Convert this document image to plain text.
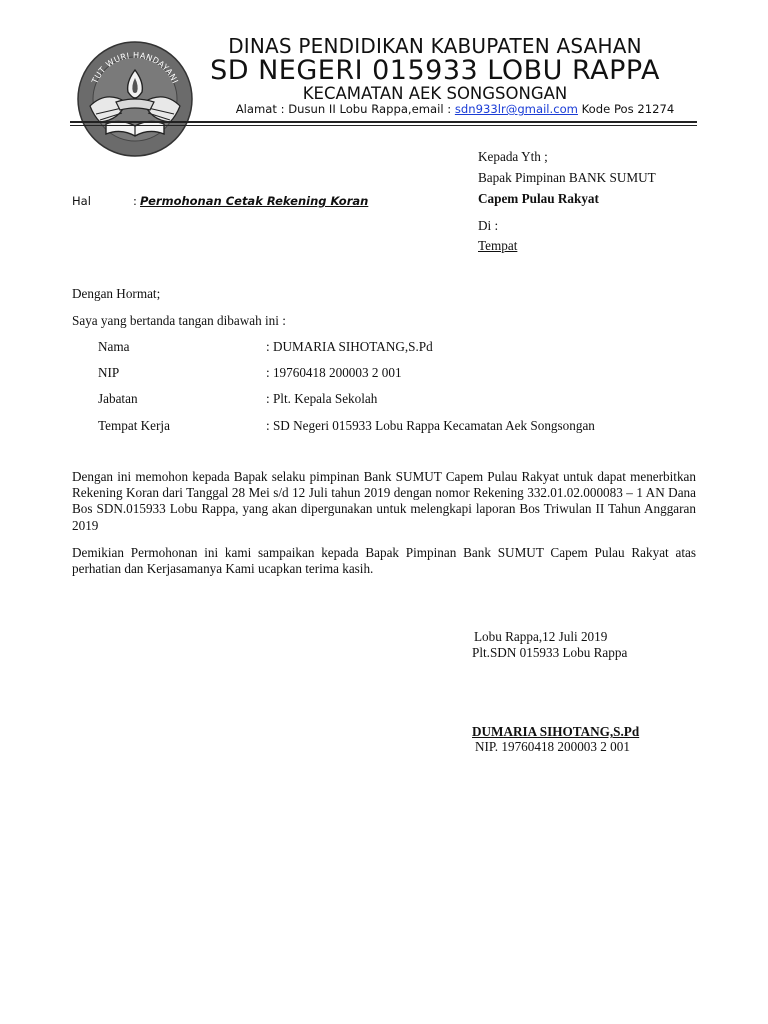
TUT WURI HANDAYANI
DINAS PENDIDIKAN KABUPATEN ASAHAN
SD NEGERI 015933 LOBU RAPPA
KECAMATAN AEK SONGSONGAN
Alamat : Dusun II Lobu Rappa,email : sdn933lr@gmail.com Kode Pos 21274
Kepada Yth ;
Bapak Pimpinan BANK SUMUT
Capem Pulau Rakyat
Di :
Tempat
Hal	: Permohonan Cetak Rekening Koran
Dengan Hormat;
Saya yang bertanda tangan dibawah ini :
Nama	: DUMARIA SIHOTANG,S.Pd
NIP	: 19760418 200003 2 001
Jabatan	: Plt. Kepala Sekolah
Tempat Kerja	: SD Negeri 015933 Lobu Rappa Kecamatan Aek Songsongan
Dengan ini memohon kepada Bapak selaku pimpinan Bank SUMUT Capem Pulau Rakyat untuk dapat menerbitkan Rekening Koran dari Tanggal 28 Mei s/d 12 Juli tahun 2019 dengan nomor Rekening 332.01.02.000083 – 1 AN Dana Bos SDN.015933 Lobu Rappa, yang akan dipergunakan untuk melengkapi laporan Bos Triwulan II Tahun Anggaran 2019
Demikian Permohonan ini kami sampaikan kepada Bapak Pimpinan Bank SUMUT Capem Pulau Rakyat atas perhatian dan Kerjasamanya Kami ucapkan terima kasih.
Lobu Rappa,12 Juli 2019
Plt.SDN 015933 Lobu Rappa
DUMARIA SIHOTANG,S.Pd
NIP. 19760418 200003 2 001
